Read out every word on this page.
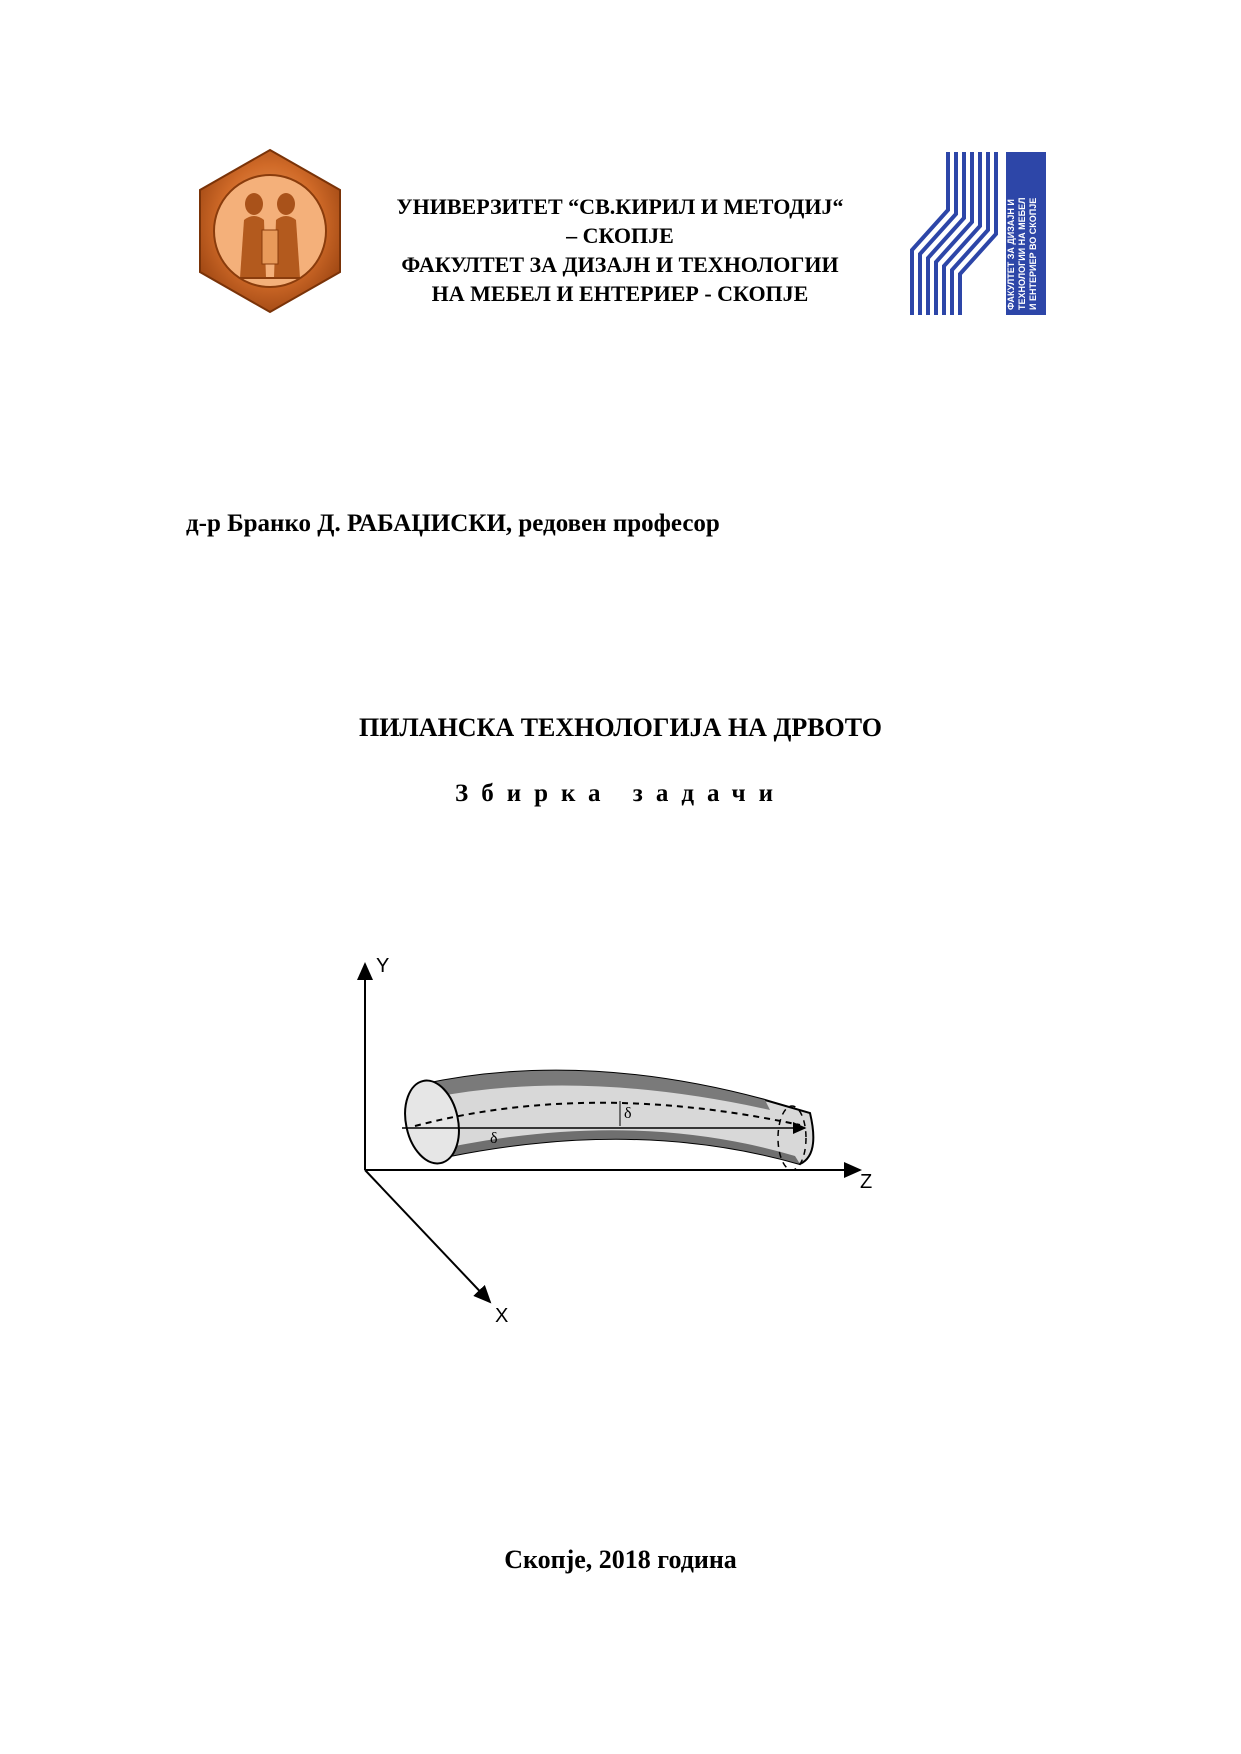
УНИВЕРЗИТЕТ “СВ.КИРИЛ И МЕТОДИЈ“
– СКОПЈЕ
ФАКУЛТЕТ ЗА ДИЗАЈН И ТЕХНОЛОГИИ
НА МЕБЕЛ И ЕНТЕРИЕР - СКОПЈЕ	ФАКУЛТЕТ ЗА ДИЗАЈН И ТЕХНОЛОГИИ НА МЕБЕЛ И ЕНТЕРИЕР ВО СКОПЈЕ
д-р Бранко Д. РАБАЏИСКИ, редовен професор
ПИЛАНСКА ТЕХНОЛОГИЈА НА ДРВОТО
Збирка задачи
Y
Z
X
δ
δ
Скопје, 2018 година
